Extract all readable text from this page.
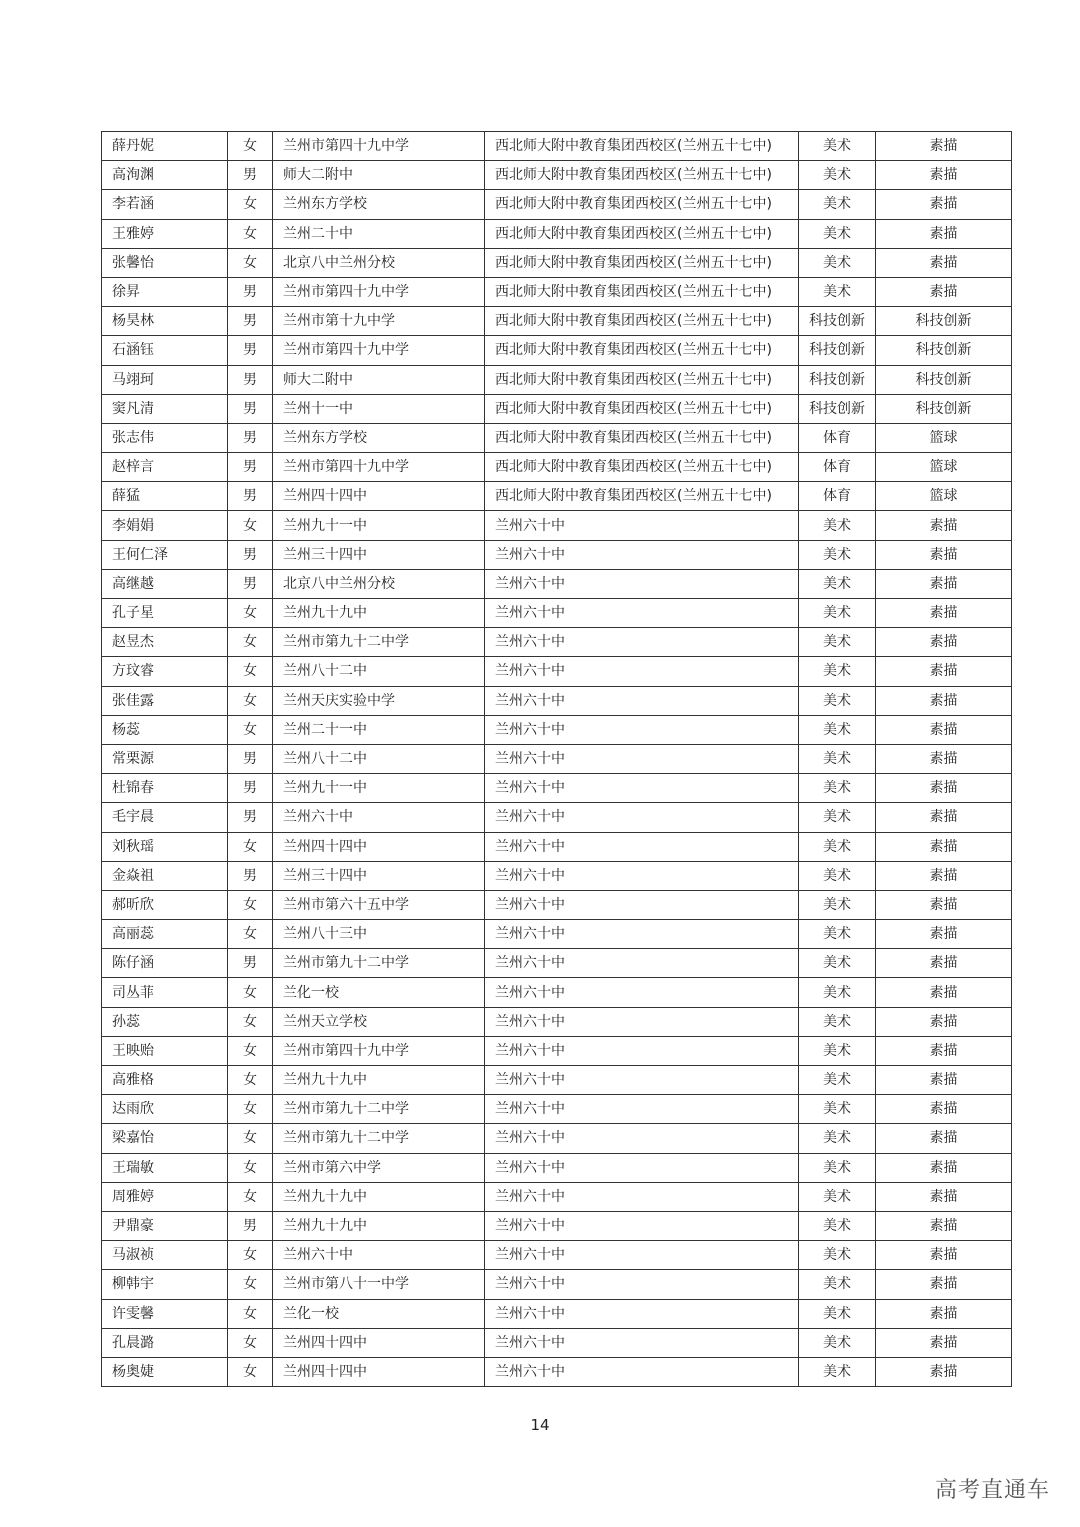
薛丹妮	女	兰州市第四十九中学	西北师大附中教育集团西校区(兰州五十七中)	美术	素描
高洵渊	男	师大二附中	西北师大附中教育集团西校区(兰州五十七中)	美术	素描
李若涵	女	兰州东方学校	西北师大附中教育集团西校区(兰州五十七中)	美术	素描
王雅婷	女	兰州二十中	西北师大附中教育集团西校区(兰州五十七中)	美术	素描
张馨怡	女	北京八中兰州分校	西北师大附中教育集团西校区(兰州五十七中)	美术	素描
徐昇	男	兰州市第四十九中学	西北师大附中教育集团西校区(兰州五十七中)	美术	素描
杨昊林	男	兰州市第十九中学	西北师大附中教育集团西校区(兰州五十七中)	科技创新	科技创新
石涵钰	男	兰州市第四十九中学	西北师大附中教育集团西校区(兰州五十七中)	科技创新	科技创新
马翊珂	男	师大二附中	西北师大附中教育集团西校区(兰州五十七中)	科技创新	科技创新
窦凡清	男	兰州十一中	西北师大附中教育集团西校区(兰州五十七中)	科技创新	科技创新
张志伟	男	兰州东方学校	西北师大附中教育集团西校区(兰州五十七中)	体育	篮球
赵梓言	男	兰州市第四十九中学	西北师大附中教育集团西校区(兰州五十七中)	体育	篮球
薛猛	男	兰州四十四中	西北师大附中教育集团西校区(兰州五十七中)	体育	篮球
李娟娟	女	兰州九十一中	兰州六十中	美术	素描
王何仁泽	男	兰州三十四中	兰州六十中	美术	素描
高继越	男	北京八中兰州分校	兰州六十中	美术	素描
孔子星	女	兰州九十九中	兰州六十中	美术	素描
赵昱杰	女	兰州市第九十二中学	兰州六十中	美术	素描
方玟睿	女	兰州八十二中	兰州六十中	美术	素描
张佳露	女	兰州天庆实验中学	兰州六十中	美术	素描
杨蕊	女	兰州二十一中	兰州六十中	美术	素描
常栗源	男	兰州八十二中	兰州六十中	美术	素描
杜锦春	男	兰州九十一中	兰州六十中	美术	素描
毛宇晨	男	兰州六十中	兰州六十中	美术	素描
刘秋瑶	女	兰州四十四中	兰州六十中	美术	素描
金焱祖	男	兰州三十四中	兰州六十中	美术	素描
郝昕欣	女	兰州市第六十五中学	兰州六十中	美术	素描
高丽蕊	女	兰州八十三中	兰州六十中	美术	素描
陈仔涵	男	兰州市第九十二中学	兰州六十中	美术	素描
司丛菲	女	兰化一校	兰州六十中	美术	素描
孙蕊	女	兰州天立学校	兰州六十中	美术	素描
王映贻	女	兰州市第四十九中学	兰州六十中	美术	素描
高雅格	女	兰州九十九中	兰州六十中	美术	素描
达雨欣	女	兰州市第九十二中学	兰州六十中	美术	素描
梁嘉怡	女	兰州市第九十二中学	兰州六十中	美术	素描
王瑞敏	女	兰州市第六中学	兰州六十中	美术	素描
周雅婷	女	兰州九十九中	兰州六十中	美术	素描
尹鼎豪	男	兰州九十九中	兰州六十中	美术	素描
马淑祯	女	兰州六十中	兰州六十中	美术	素描
柳韩宇	女	兰州市第八十一中学	兰州六十中	美术	素描
许雯馨	女	兰化一校	兰州六十中	美术	素描
孔晨潞	女	兰州四十四中	兰州六十中	美术	素描
杨奥婕	女	兰州四十四中	兰州六十中	美术	素描
14
高考直通车
